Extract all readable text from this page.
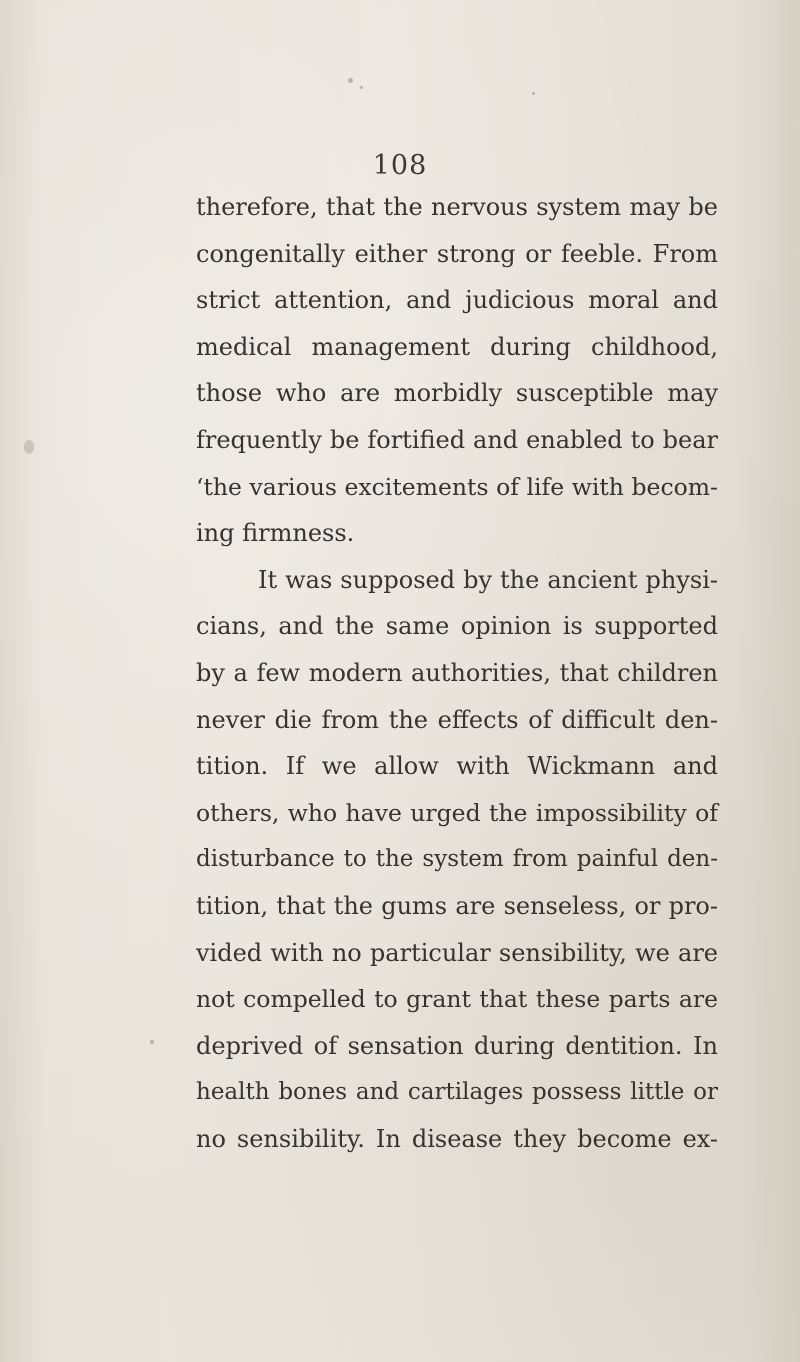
108
therefore, that the nervous system may be
congenitally either strong or feeble. From
strict attention, and judicious moral and
medical management during childhood,
those who are morbidly susceptible may
frequently be fortified and enabled to bear
‘the various excitements of life with becom-
ing firmness.
It was supposed by the ancient physi-
cians, and the same opinion is supported
by a few modern authorities, that children
never die from the effects of difficult den-
tition. If we allow with Wickmann and
others, who have urged the impossibility of
disturbance to the system from painful den-
tition, that the gums are senseless, or pro-
vided with no particular sensibility, we are
not compelled to grant that these parts are
deprived of sensation during dentition. In
health bones and cartilages possess little or
no sensibility. In disease they become ex-
